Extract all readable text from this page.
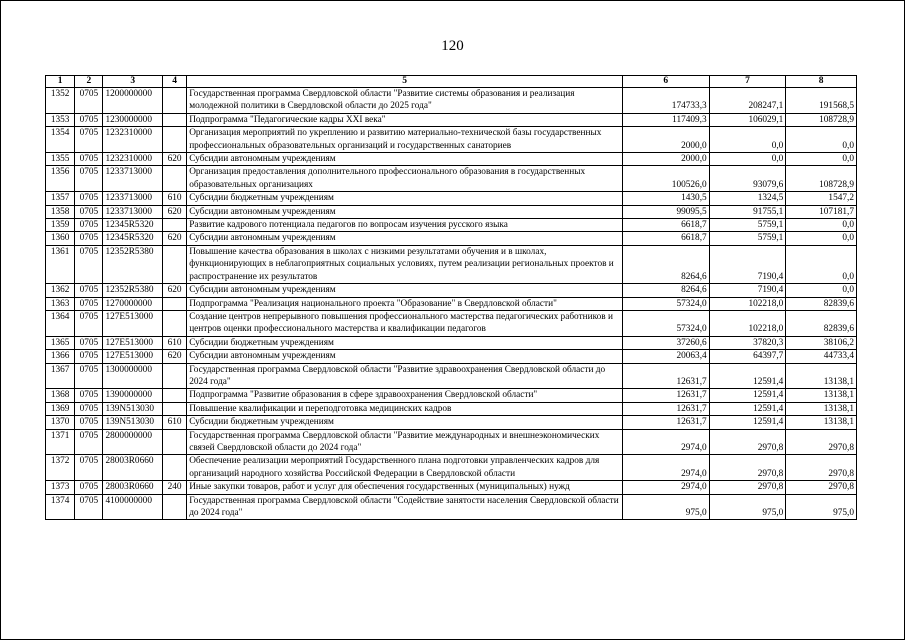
120
1	2	3	4	5	6	7	8
1352	0705	1200000000		Государственная программа Свердловской области "Развитие системы образования и реализация молодежной политики в Свердловской области до 2025 года"	174733,3	208247,1	191568,5
1353	0705	1230000000		Подпрограмма "Педагогические кадры XXI века"	117409,3	106029,1	108728,9
1354	0705	1232310000		Организация мероприятий по укреплению и развитию материально-технической базы государственных профессиональных образовательных организаций и государственных санаториев	2000,0	0,0	0,0
1355	0705	1232310000	620	Субсидии автономным учреждениям	2000,0	0,0	0,0
1356	0705	1233713000		Организация предоставления дополнительного профессионального образования в государственных образовательных организациях	100526,0	93079,6	108728,9
1357	0705	1233713000	610	Субсидии бюджетным учреждениям	1430,5	1324,5	1547,2
1358	0705	1233713000	620	Субсидии автономным учреждениям	99095,5	91755,1	107181,7
1359	0705	12345R5320		Развитие кадрового потенциала педагогов по вопросам изучения русского языка	6618,7	5759,1	0,0
1360	0705	12345R5320	620	Субсидии автономным учреждениям	6618,7	5759,1	0,0
1361	0705	12352R5380		Повышение качества образования в школах с низкими результатами обучения и в школах, функционирующих в неблагоприятных социальных условиях, путем реализации региональных проектов и распространение их результатов	8264,6	7190,4	0,0
1362	0705	12352R5380	620	Субсидии автономным учреждениям	8264,6	7190,4	0,0
1363	0705	1270000000		Подпрограмма "Реализация национального проекта "Образование" в Свердловской области"	57324,0	102218,0	82839,6
1364	0705	127E513000		Создание центров непрерывного повышения профессионального мастерства педагогических работников и центров оценки профессионального мастерства и квалификации педагогов	57324,0	102218,0	82839,6
1365	0705	127E513000	610	Субсидии бюджетным учреждениям	37260,6	37820,3	38106,2
1366	0705	127E513000	620	Субсидии автономным учреждениям	20063,4	64397,7	44733,4
1367	0705	1300000000		Государственная программа Свердловской области "Развитие здравоохранения Свердловской области до 2024 года"	12631,7	12591,4	13138,1
1368	0705	1390000000		Подпрограмма "Развитие образования в сфере здравоохранения Свердловской области"	12631,7	12591,4	13138,1
1369	0705	139N513030		Повышение квалификации и переподготовка медицинских кадров	12631,7	12591,4	13138,1
1370	0705	139N513030	610	Субсидии бюджетным учреждениям	12631,7	12591,4	13138,1
1371	0705	2800000000		Государственная программа Свердловской области "Развитие международных и внешнеэкономических связей Свердловской области до 2024 года"	2974,0	2970,8	2970,8
1372	0705	28003R0660		Обеспечение реализации мероприятий Государственного плана подготовки управленческих кадров для организаций народного хозяйства Российской Федерации в Свердловской области	2974,0	2970,8	2970,8
1373	0705	28003R0660	240	Иные закупки товаров, работ и услуг для обеспечения государственных (муниципальных) нужд	2974,0	2970,8	2970,8
1374	0705	4100000000		Государственная программа Свердловской области "Содействие занятости населения Свердловской области до 2024 года"	975,0	975,0	975,0
